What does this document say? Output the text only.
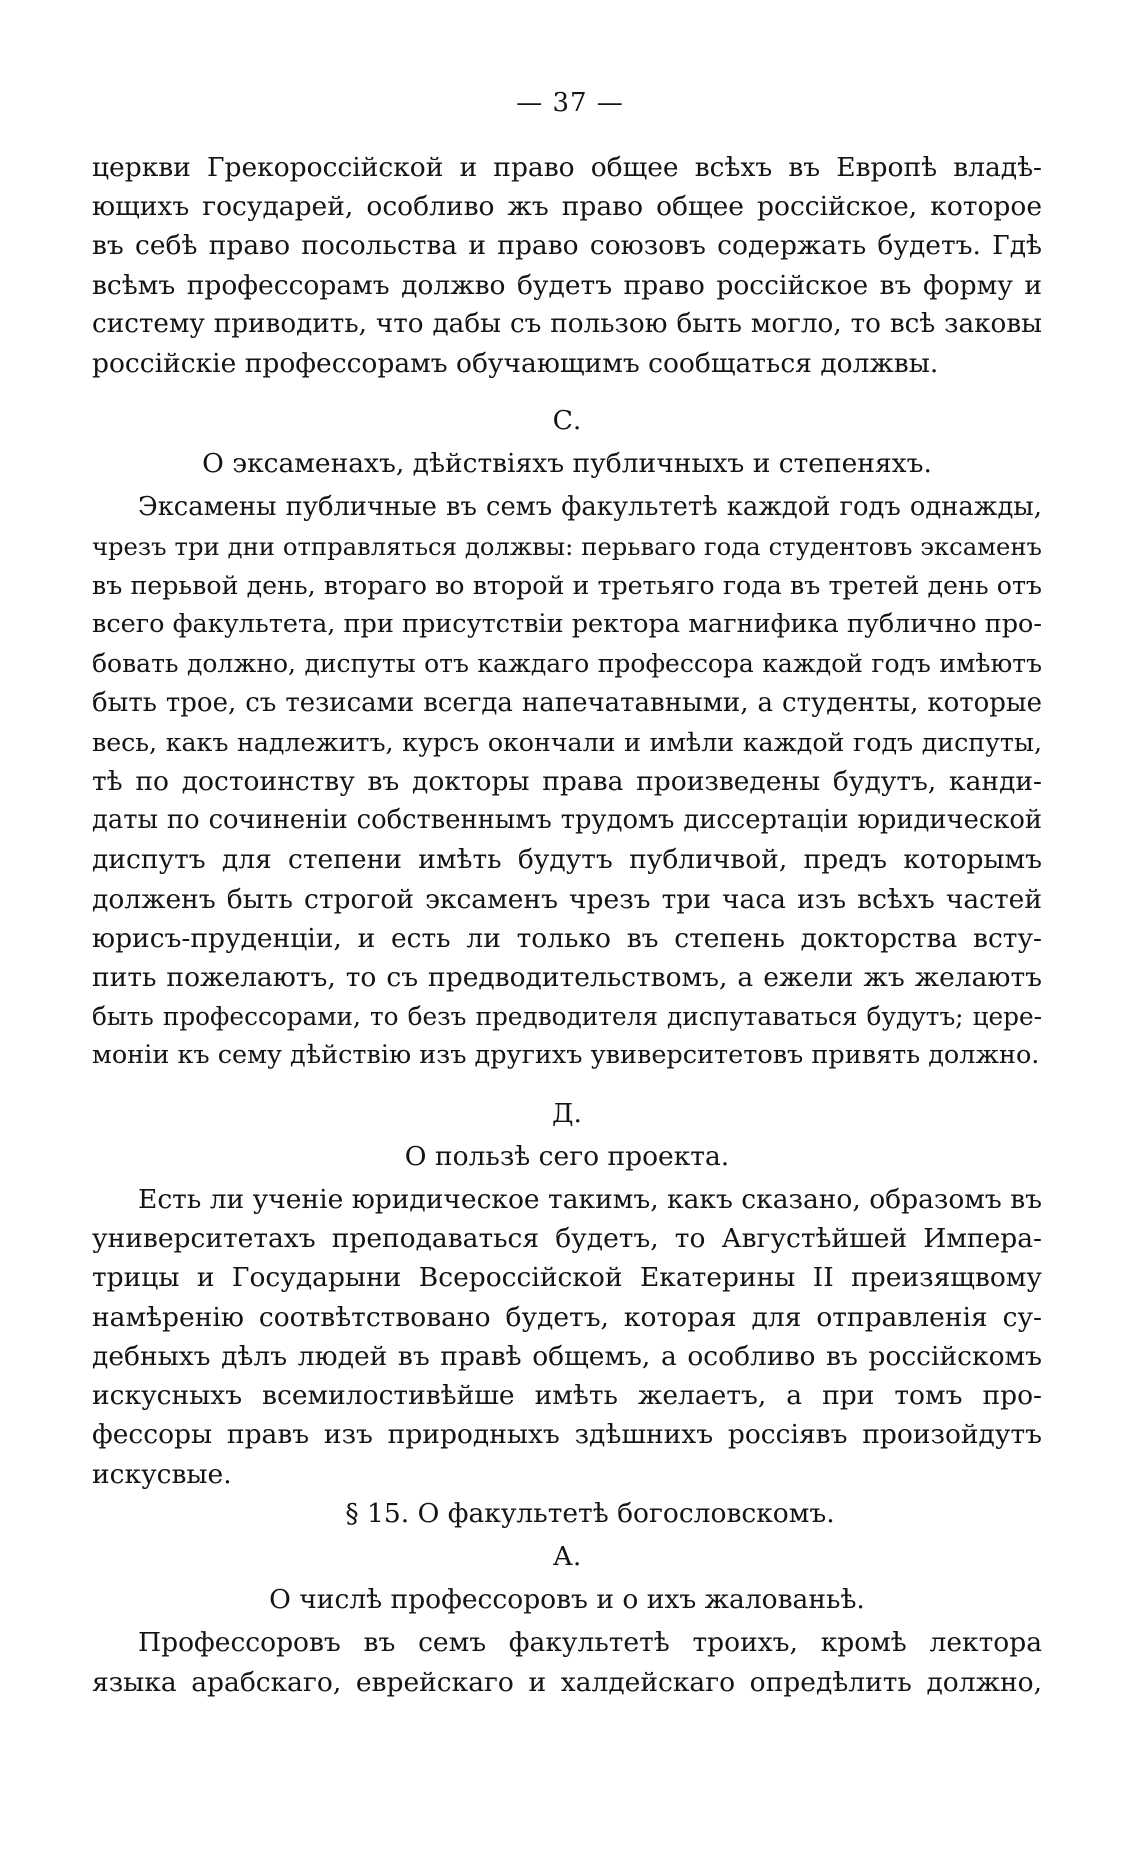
— 37 —
церкви Грекороссійской и право общее всѣхъ въ Европѣ владѣ-
ющихъ государей, особливо жъ право общее россійское, которое
въ себѣ право посольства и право союзовъ содержать будетъ. Гдѣ
всѣмъ профессорамъ должво будетъ право россійское въ форму и
систему приводить, что дабы съ пользою быть могло, то всѣ заковы
россійскіе профессорамъ обучающимъ сообщаться должвы.
С.
О эксаменахъ, дѣйствіяхъ публичныхъ и степеняхъ.
Эксамены публичные въ семъ факультетѣ каждой годъ однажды,
чрезъ три дни отправляться должвы: перьваго года студентовъ эксаменъ
въ перьвой день, втораго во второй и третьяго года въ третей день отъ
всего факультета, при присутствіи ректора магнифика публично про-
бовать должно, диспуты отъ каждаго профессора каждой годъ имѣютъ
быть трое, съ тезисами всегда напечатавными, а студенты, которые
весь, какъ надлежитъ, курсъ окончали и имѣли каждой годъ диспуты,
тѣ по достоинству въ докторы права произведены будутъ, канди-
даты по сочиненіи собственнымъ трудомъ диссертаціи юридической
диспутъ для степени имѣть будутъ публичвой, предъ которымъ
долженъ быть строгой эксаменъ чрезъ три часа изъ всѣхъ частей
юрисъ-пруденціи, и есть ли только въ степень докторства всту-
пить пожелаютъ, то съ предводительствомъ, а ежели жъ желаютъ
быть профессорами, то безъ предводителя диспутаваться будутъ; цере-
моніи къ сему дѣйствію изъ другихъ увиверситетовъ привять должно.
Д.
О пользѣ сего проекта.
Есть ли ученіе юридическое такимъ, какъ сказано, образомъ въ
университетахъ преподаваться будетъ, то Августѣйшей Импера-
трицы и Государыни Всероссійской Екатерины II преизящвому
намѣренію соотвѣтствовано будетъ, которая для отправленія су-
дебныхъ дѣлъ людей въ правѣ общемъ, а особливо въ россійскомъ
искусныхъ всемилостивѣйше имѣть желаетъ, а при томъ про-
фессоры правъ изъ природныхъ здѣшнихъ россіявъ произойдутъ
искусвые.
§ 15. О факультетѣ богословскомъ.
А.
О числѣ профессоровъ и о ихъ жалованьѣ.
Профессоровъ въ семъ факультетѣ троихъ, кромѣ лектора
языка арабскаго, еврейскаго и халдейскаго опредѣлить должно,
